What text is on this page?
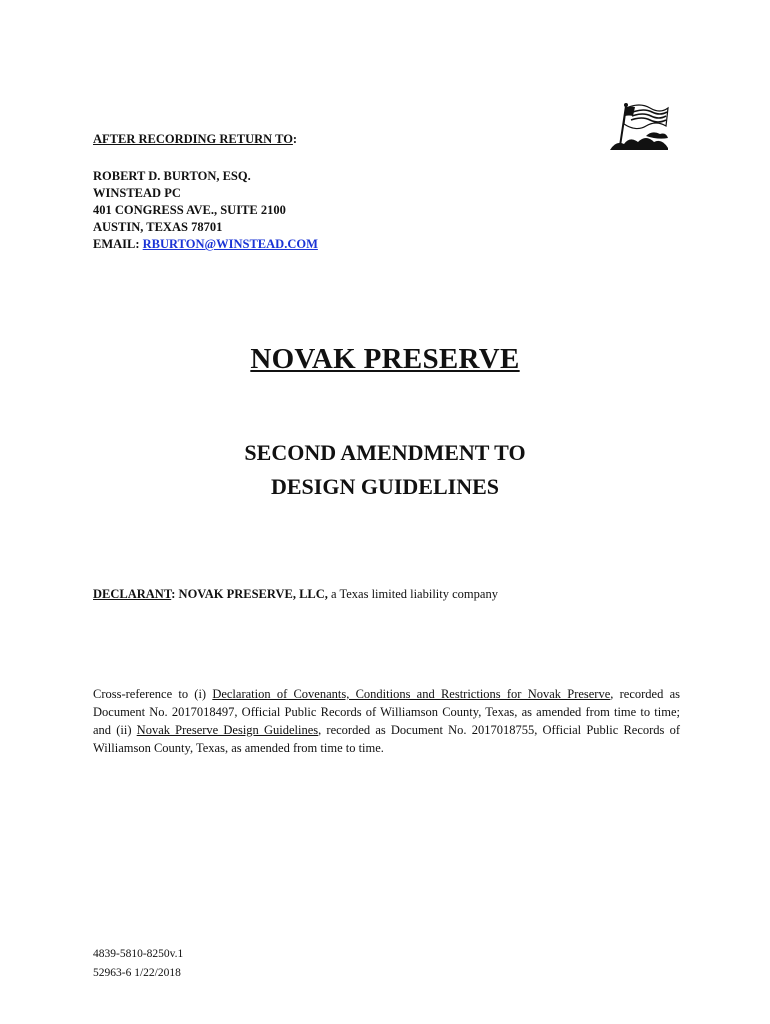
AFTER RECORDING RETURN TO:
ROBERT D. BURTON, ESQ.
WINSTEAD PC
401 CONGRESS AVE., SUITE 2100
AUSTIN, TEXAS 78701
EMAIL: RBURTON@WINSTEAD.COM
NOVAK PRESERVE
SECOND AMENDMENT TO
DESIGN GUIDELINES
DECLARANT: NOVAK PRESERVE, LLC, a Texas limited liability company
Cross-reference to (i) Declaration of Covenants, Conditions and Restrictions for Novak Preserve, recorded as Document No. 2017018497, Official Public Records of Williamson County, Texas, as amended from time to time; and (ii) Novak Preserve Design Guidelines, recorded as Document No. 2017018755, Official Public Records of Williamson County, Texas, as amended from time to time.
4839-5810-8250v.1
52963-6 1/22/2018
